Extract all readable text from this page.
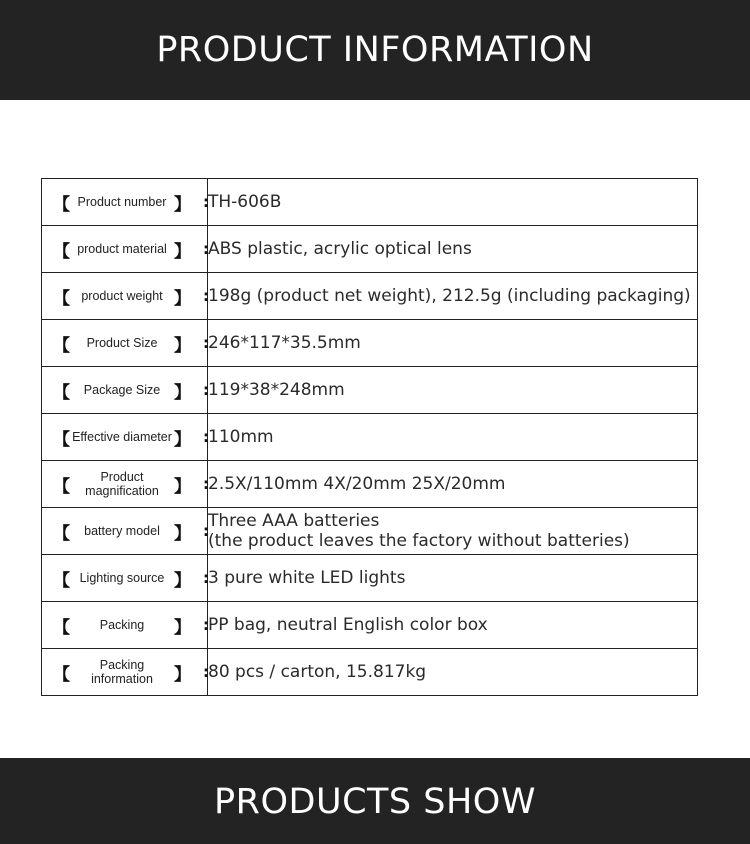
PRODUCT INFORMATION
【 Product number 】 :	TH-606B

【 product material 】 :	ABS plastic, acrylic optical lens

【 product weight 】 :	198g (product net weight), 212.5g (including packaging)

【 Product Size 】 :	246*117*35.5mm

【 Package Size 】 :	119*38*248mm

【 Effective diameter 】 :	110mm

【 Product magnification 】 :	2.5X/110mm 4X/20mm 25X/20mm

【 battery model 】 :	Three AAA batteries
(the product leaves the factory without batteries)

【 Lighting source 】 :	3 pure white LED lights

【 Packing 】 :	PP bag, neutral English color box

【 Packing information 】 :	80 pcs / carton, 15.817kg
PRODUCTS SHOW
